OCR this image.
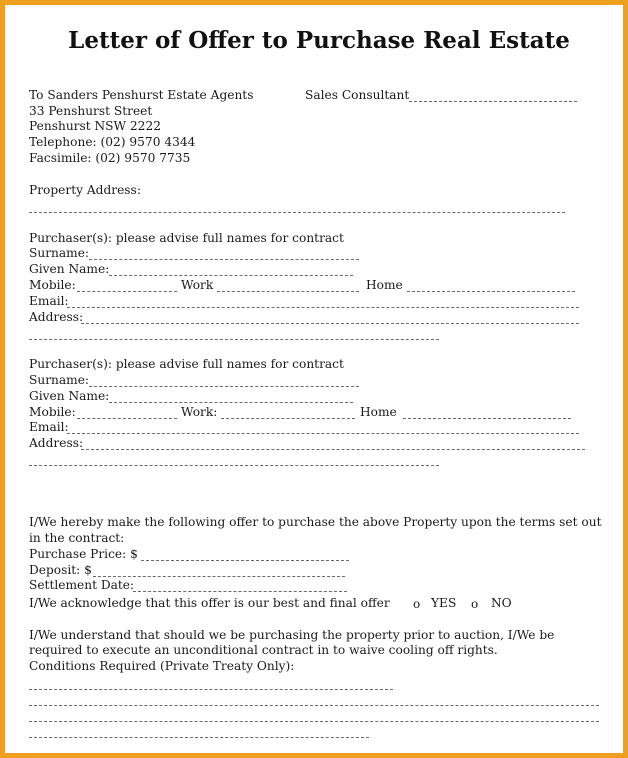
Letter of Offer to Purchase Real Estate
To Sanders Penshurst Estate Agents
33 Penshurst Street
Penshurst NSW 2222
Telephone: (02) 9570 4344
Facsimile: (02) 9570 7735
Sales Consultant
Property Address:
Purchaser(s): please advise full names for contract
Surname:
Given Name:
Mobile:	Work	Home
Email:
Address:
Purchaser(s): please advise full names for contract
Surname:
Given Name:
Mobile:	Work:	Home
Email:
Address:
I/We hereby make the following offer to purchase the above Property upon the terms set out
in the contract:
Purchase Price: $
Deposit: $
Settlement Date:
I/We acknowledge that this offer is our best and final offer o YES o NO
I/We understand that should we be purchasing the property prior to auction, I/We be
required to execute an unconditional contract in to waive cooling off rights.
Conditions Required (Private Treaty Only):
